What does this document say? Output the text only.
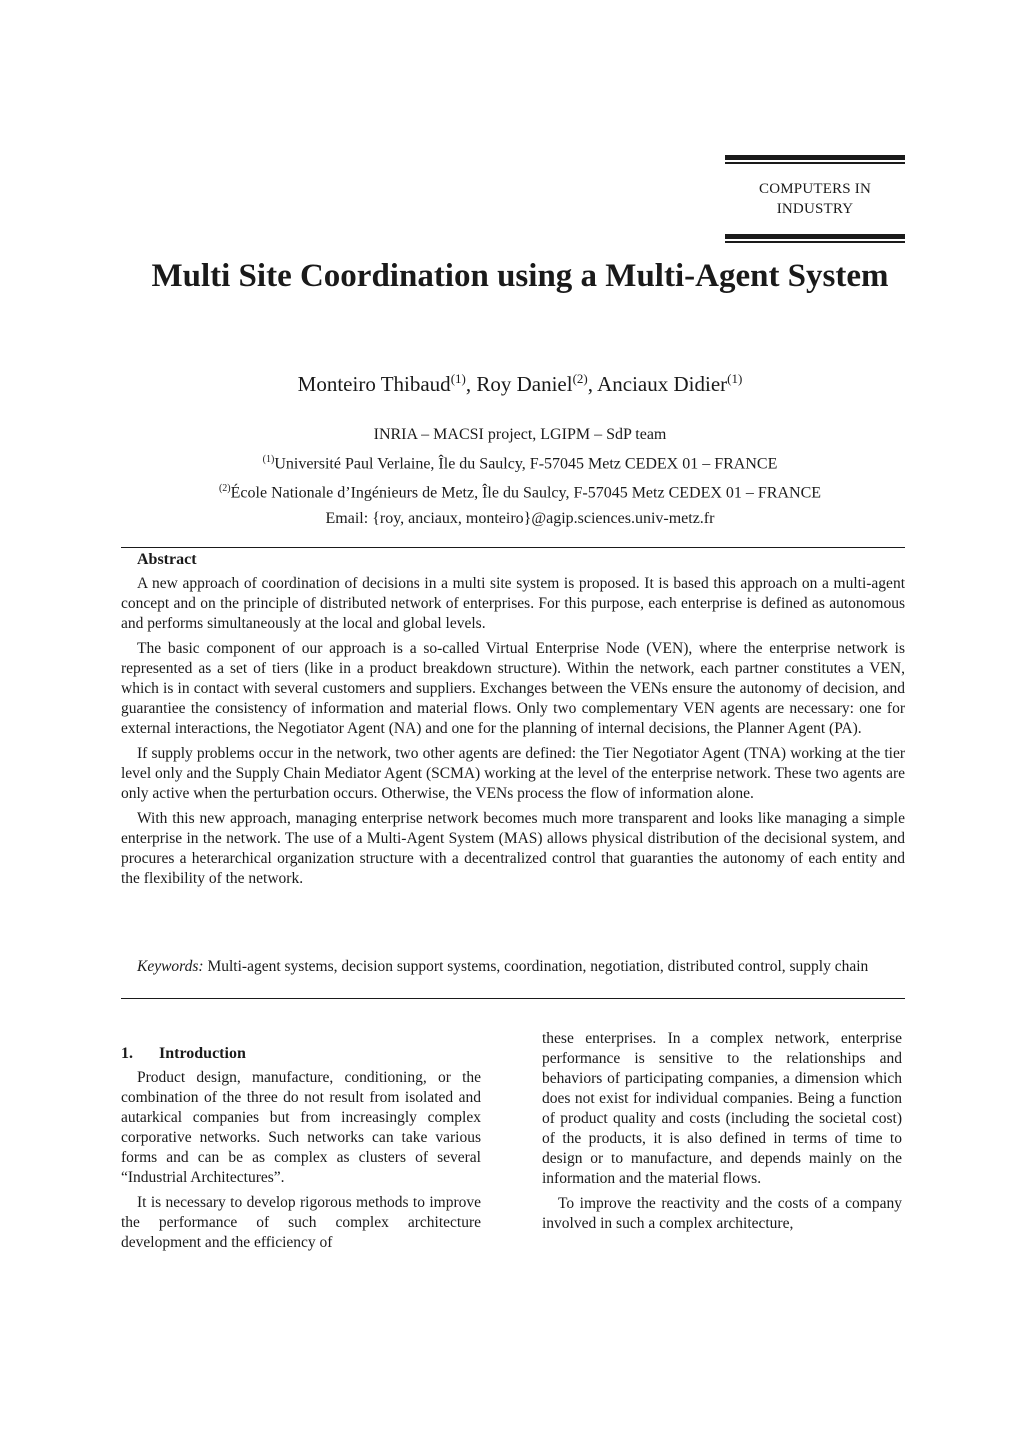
COMPUTERS IN
INDUSTRY
Multi Site Coordination using a Multi-Agent System
Monteiro Thibaud$^{(1)}$, Roy Daniel$^{(2)}$, Anciaux Didier$^{(1)}$
INRIA – MACSI project, LGIPM – SdP team
$^{(1)}$Université Paul Verlaine, Île du Saulcy, F-57045 Metz CEDEX 01 – FRANCE
$^{(2)}$École Nationale d’Ingénieurs de Metz, Île du Saulcy, F-57045 Metz CEDEX 01 – FRANCE
Email: {roy, anciaux, monteiro}@agip.sciences.univ-metz.fr
Abstract

A new approach of coordination of decisions in a multi site system is proposed. It is based this approach on a multi-agent concept and on the principle of distributed network of enterprises. For this purpose, each enterprise is defined as autonomous and performs simultaneously at the local and global levels.

The basic component of our approach is a so-called Virtual Enterprise Node (VEN), where the enterprise network is represented as a set of tiers (like in a product breakdown structure). Within the network, each partner constitutes a VEN, which is in contact with several customers and suppliers. Exchanges between the VENs ensure the autonomy of decision, and guarantiee the consistency of information and material flows. Only two complementary VEN agents are necessary: one for external interactions, the Negotiator Agent (NA) and one for the planning of internal decisions, the Planner Agent (PA).

If supply problems occur in the network, two other agents are defined: the Tier Negotiator Agent (TNA) working at the tier level only and the Supply Chain Mediator Agent (SCMA) working at the level of the enterprise network. These two agents are only active when the perturbation occurs. Otherwise, the VENs process the flow of information alone.

With this new approach, managing enterprise network becomes much more transparent and looks like managing a simple enterprise in the network. The use of a Multi-Agent System (MAS) allows physical distribution of the decisional system, and procures a heterarchical organization structure with a decentralized control that guaranties the autonomy of each entity and the flexibility of the network.

Keywords: Multi-agent systems, decision support systems, coordination, negotiation, distributed control, supply chain

1. Introduction

Product design, manufacture, conditioning, or the combination of the three do not result from isolated and autarkical companies but from increasingly complex corporative networks. Such networks can take various forms and can be as complex as clusters of several “Industrial Architectures”.

It is necessary to develop rigorous methods to improve the performance of such complex architecture development and the efficiency of

these enterprises. In a complex network, enterprise performance is sensitive to the relationships and behaviors of participating companies, a dimension which does not exist for individual companies. Being a function of product quality and costs (including the societal cost) of the products, it is also defined in terms of time to design or to manufacture, and depends mainly on the information and the material flows.

To improve the reactivity and the costs of a company involved in such a complex architecture,
